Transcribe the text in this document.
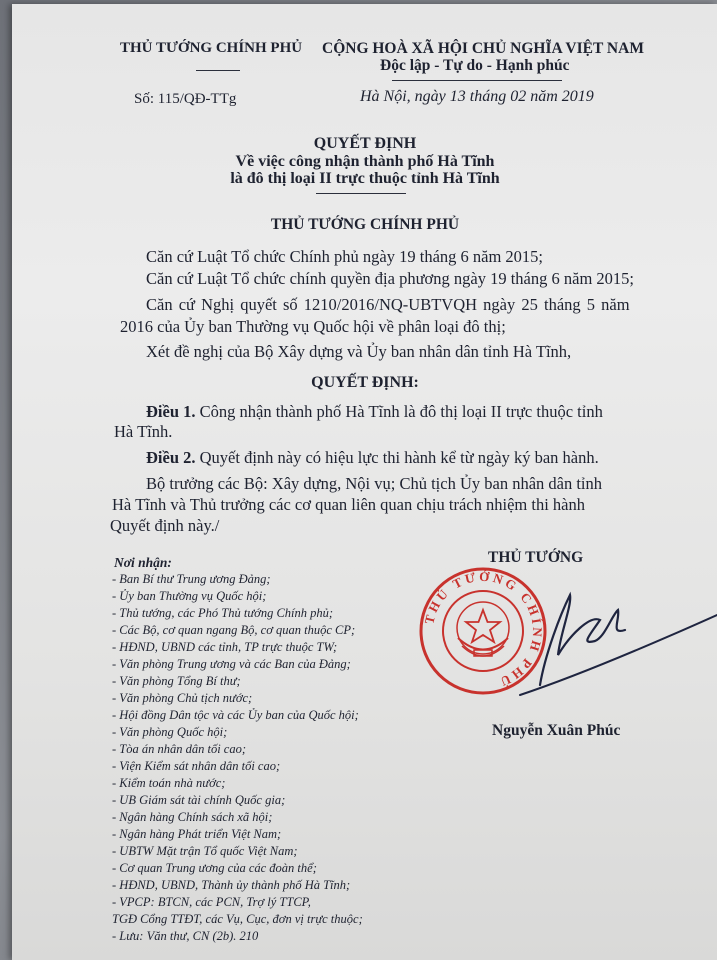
THỦ TƯỚNG CHÍNH PHỦ CỘNG HOÀ XÃ HỘI CHỦ NGHĨA VIỆT NAM
Độc lập - Tự do - Hạnh phúc
Số: 115/QĐ-TTg	Hà Nội, ngày 13 tháng 02 năm 2019
QUYẾT ĐỊNH
Về việc công nhận thành phố Hà Tĩnh
là đô thị loại II trực thuộc tỉnh Hà Tĩnh
THỦ TƯỚNG CHÍNH PHỦ
Căn cứ Luật Tổ chức Chính phủ ngày 19 tháng 6 năm 2015;
Căn cứ Luật Tổ chức chính quyền địa phương ngày 19 tháng 6 năm 2015;
Căn cứ Nghị quyết số 1210/2016/NQ-UBTVQH ngày 25 tháng 5 năm
2016 của Ủy ban Thường vụ Quốc hội về phân loại đô thị;
Xét đề nghị của Bộ Xây dựng và Ủy ban nhân dân tỉnh Hà Tĩnh,
QUYẾT ĐỊNH:
Điều 1. Công nhận thành phố Hà Tĩnh là đô thị loại II trực thuộc tỉnh
Hà Tĩnh.
Điều 2. Quyết định này có hiệu lực thi hành kể từ ngày ký ban hành.
Bộ trưởng các Bộ: Xây dựng, Nội vụ; Chủ tịch Ủy ban nhân dân tỉnh
Hà Tĩnh và Thủ trưởng các cơ quan liên quan chịu trách nhiệm thi hành
Quyết định này./
Nơi nhận:
- Ban Bí thư Trung ương Đảng;
- Ủy ban Thường vụ Quốc hội;
- Thủ tướng, các Phó Thủ tướng Chính phủ;
- Các Bộ, cơ quan ngang Bộ, cơ quan thuộc CP;
- HĐND, UBND các tỉnh, TP trực thuộc TW;
- Văn phòng Trung ương và các Ban của Đảng;
- Văn phòng Tổng Bí thư;
- Văn phòng Chủ tịch nước;
- Hội đồng Dân tộc và các Ủy ban của Quốc hội;
- Văn phòng Quốc hội;
- Tòa án nhân dân tối cao;
- Viện Kiểm sát nhân dân tối cao;
- Kiểm toán nhà nước;
- UB Giám sát tài chính Quốc gia;
- Ngân hàng Chính sách xã hội;
- Ngân hàng Phát triển Việt Nam;
- UBTW Mặt trận Tổ quốc Việt Nam;
- Cơ quan Trung ương của các đoàn thể;
- HĐND, UBND, Thành ủy thành phố Hà Tĩnh;
- VPCP: BTCN, các PCN, Trợ lý TTCP,
TGĐ Cổng TTĐT, các Vụ, Cục, đơn vị trực thuộc;
- Lưu: Văn thư, CN (2b). 210
THỦ TƯỚNG
THỦ TƯỚNG CHÍNH PHỦ
Nguyễn Xuân Phúc
